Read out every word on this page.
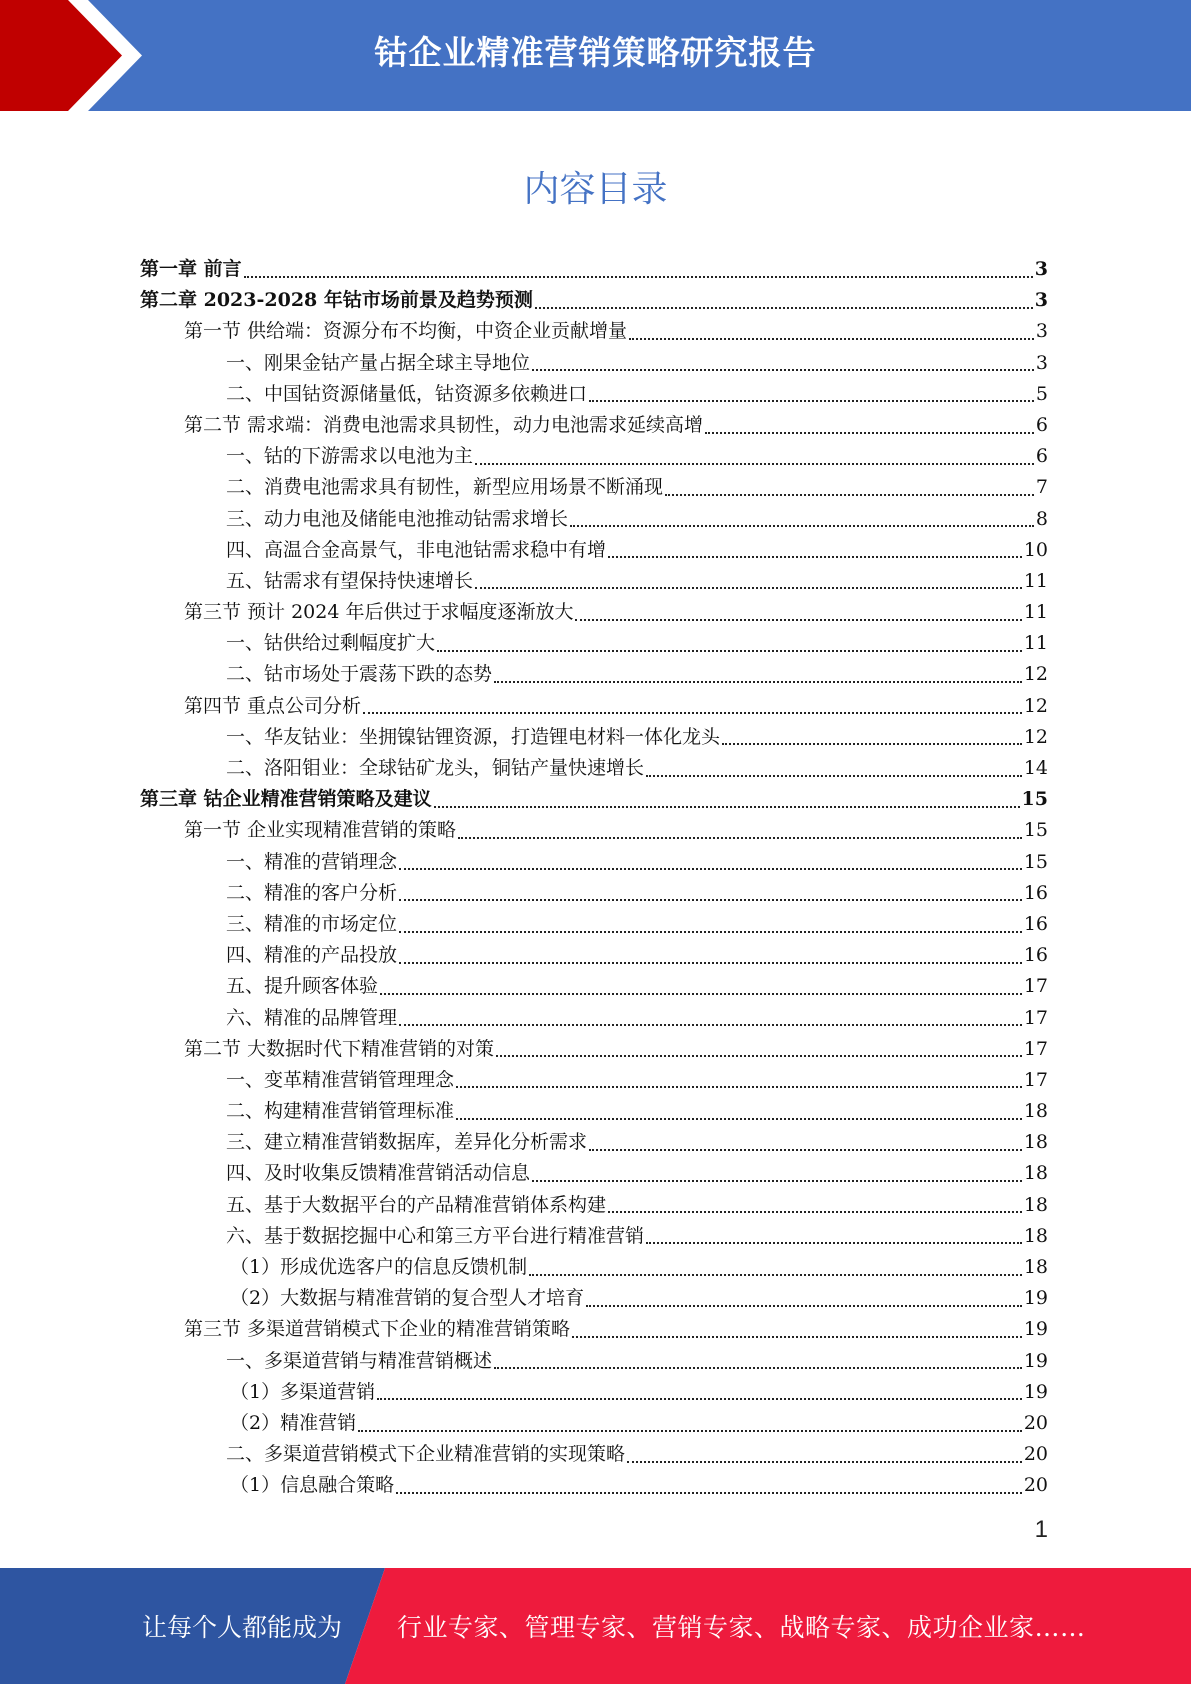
钴企业精准营销策略研究报告
内容目录
第一章 前言	3
第二章 2023-2028 年钴市场前景及趋势预测	3
第一节 供给端：资源分布不均衡，中资企业贡献增量	3
一、刚果金钴产量占据全球主导地位	3
二、中国钴资源储量低，钴资源多依赖进口	5
第二节 需求端：消费电池需求具韧性，动力电池需求延续高增	6
一、钴的下游需求以电池为主	6
二、消费电池需求具有韧性，新型应用场景不断涌现	7
三、动力电池及储能电池推动钴需求增长	8
四、高温合金高景气，非电池钴需求稳中有增	10
五、钴需求有望保持快速增长	11
第三节 预计 2024 年后供过于求幅度逐渐放大	11
一、钴供给过剩幅度扩大	11
二、钴市场处于震荡下跌的态势	12
第四节 重点公司分析	12
一、华友钴业：坐拥镍钴锂资源，打造锂电材料一体化龙头	12
二、洛阳钼业：全球钴矿龙头，铜钴产量快速增长	14
第三章 钴企业精准营销策略及建议	15
第一节 企业实现精准营销的策略	15
一、精准的营销理念	15
二、精准的客户分析	16
三、精准的市场定位	16
四、精准的产品投放	16
五、提升顾客体验	17
六、精准的品牌管理	17
第二节 大数据时代下精准营销的对策	17
一、变革精准营销管理理念	17
二、构建精准营销管理标准	18
三、建立精准营销数据库，差异化分析需求	18
四、及时收集反馈精准营销活动信息	18
五、基于大数据平台的产品精准营销体系构建	18
六、基于数据挖掘中心和第三方平台进行精准营销	18
（1）形成优选客户的信息反馈机制	18
（2）大数据与精准营销的复合型人才培育	19
第三节 多渠道营销模式下企业的精准营销策略	19
一、多渠道营销与精准营销概述	19
（1）多渠道营销	19
（2）精准营销	20
二、多渠道营销模式下企业精准营销的实现策略	20
（1）信息融合策略	20
1
让每个人都能成为 行业专家、管理专家、营销专家、战略专家、成功企业家……
